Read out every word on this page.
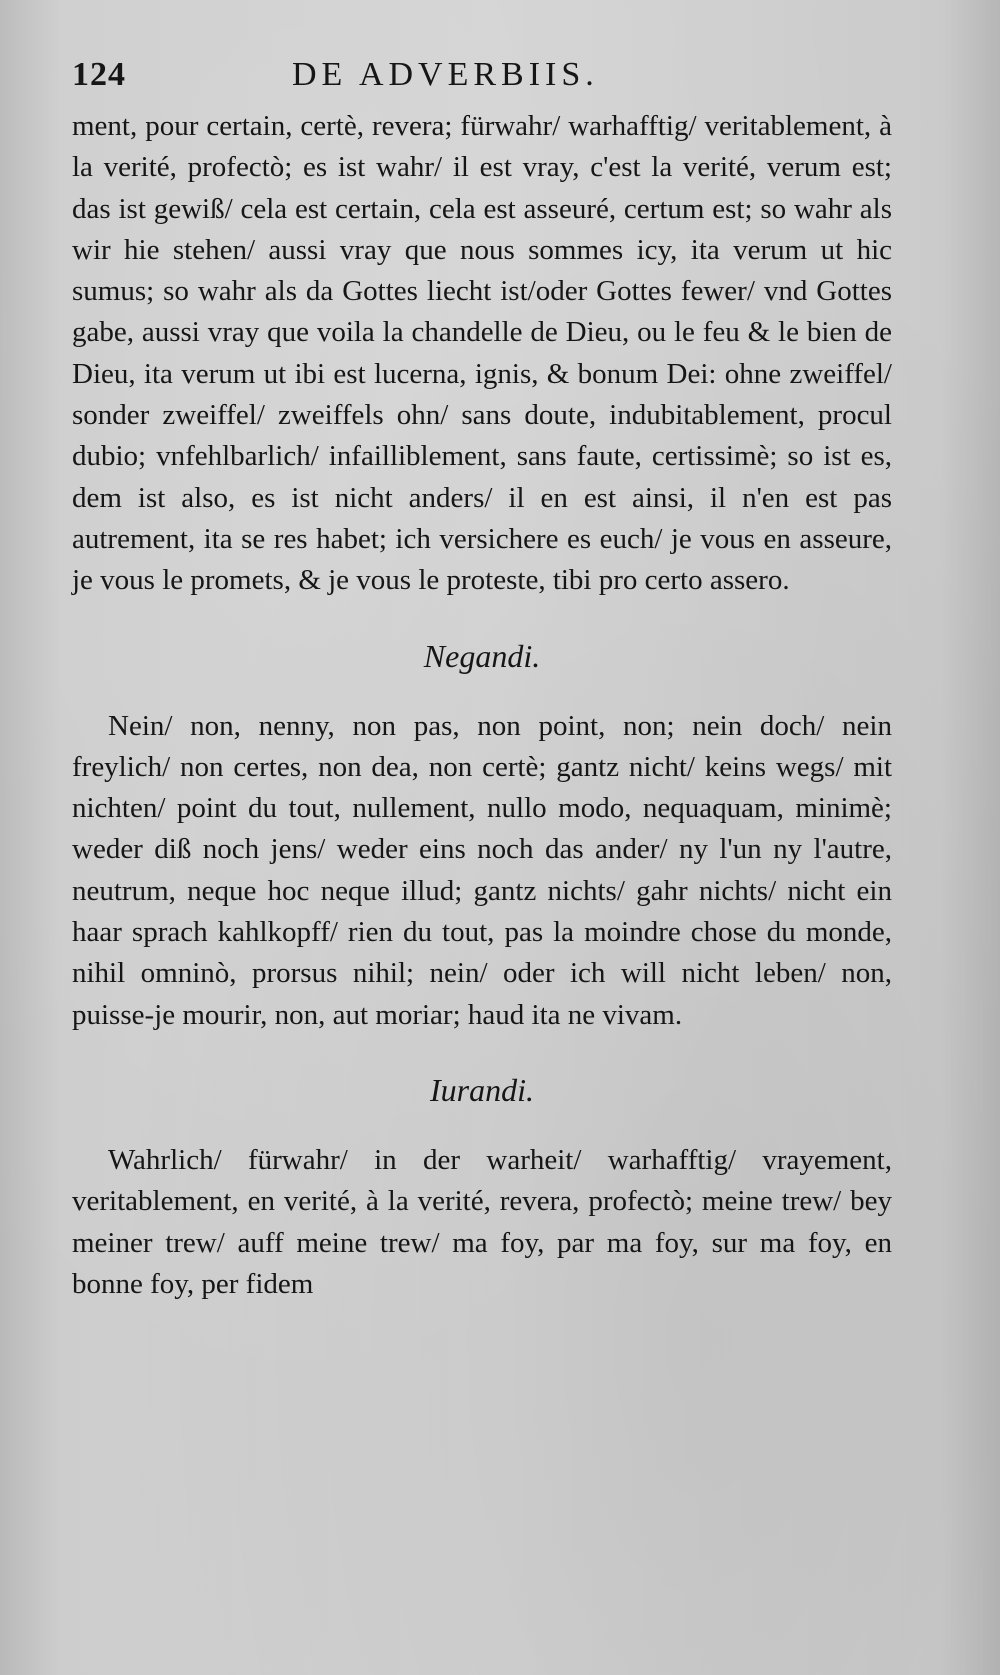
124	DE ADVERBIIS.

ment, pour certain, certè, revera; fürwahr/ warhafftig/ veritablement, à la verité, profectò; es ist wahr/ il est vray, c'est la verité, verum est; das ist gewiß/ cela est certain, cela est asseuré, certum est; so wahr als wir hie stehen/ aussi vray que nous sommes icy, ita verum ut hic sumus; so wahr als da Gottes liecht ist/oder Gottes fewer/ vnd Gottes gabe, aussi vray que voila la chandelle de Dieu, ou le feu & le bien de Dieu, ita verum ut ibi est lucerna, ignis, & bonum Dei: ohne zweiffel/ sonder zweiffel/ zweiffels ohn/ sans doute, indubitablement, procul dubio; vnfehlbarlich/ infailliblement, sans faute, certissimè; so ist es, dem ist also, es ist nicht anders/ il en est ainsi, il n'en est pas autrement, ita se res habet; ich versichere es euch/ je vous en asseure, je vous le promets, & je vous le proteste, tibi pro certo assero.

Negandi.

Nein/ non, nenny, non pas, non point, non; nein doch/ nein freylich/ non certes, non dea, non certè; gantz nicht/ keins wegs/ mit nichten/ point du tout, nullement, nullo modo, nequaquam, minimè; weder diß noch jens/ weder eins noch das ander/ ny l'un ny l'autre, neutrum, neque hoc neque illud; gantz nichts/ gahr nichts/ nicht ein haar sprach kahlkopff/ rien du tout, pas la moindre chose du monde, nihil omninò, prorsus nihil; nein/ oder ich will nicht leben/ non, puisse-je mourir, non, aut moriar; haud ita ne vivam.

Iurandi.

Wahrlich/ fürwahr/ in der warheit/ warhafftig/ vrayement, veritablement, en verité, à la verité, revera, profectò; meine trew/ bey meiner trew/ auff meine trew/ ma foy, par ma foy, sur ma foy, en bonne foy, per fidem
